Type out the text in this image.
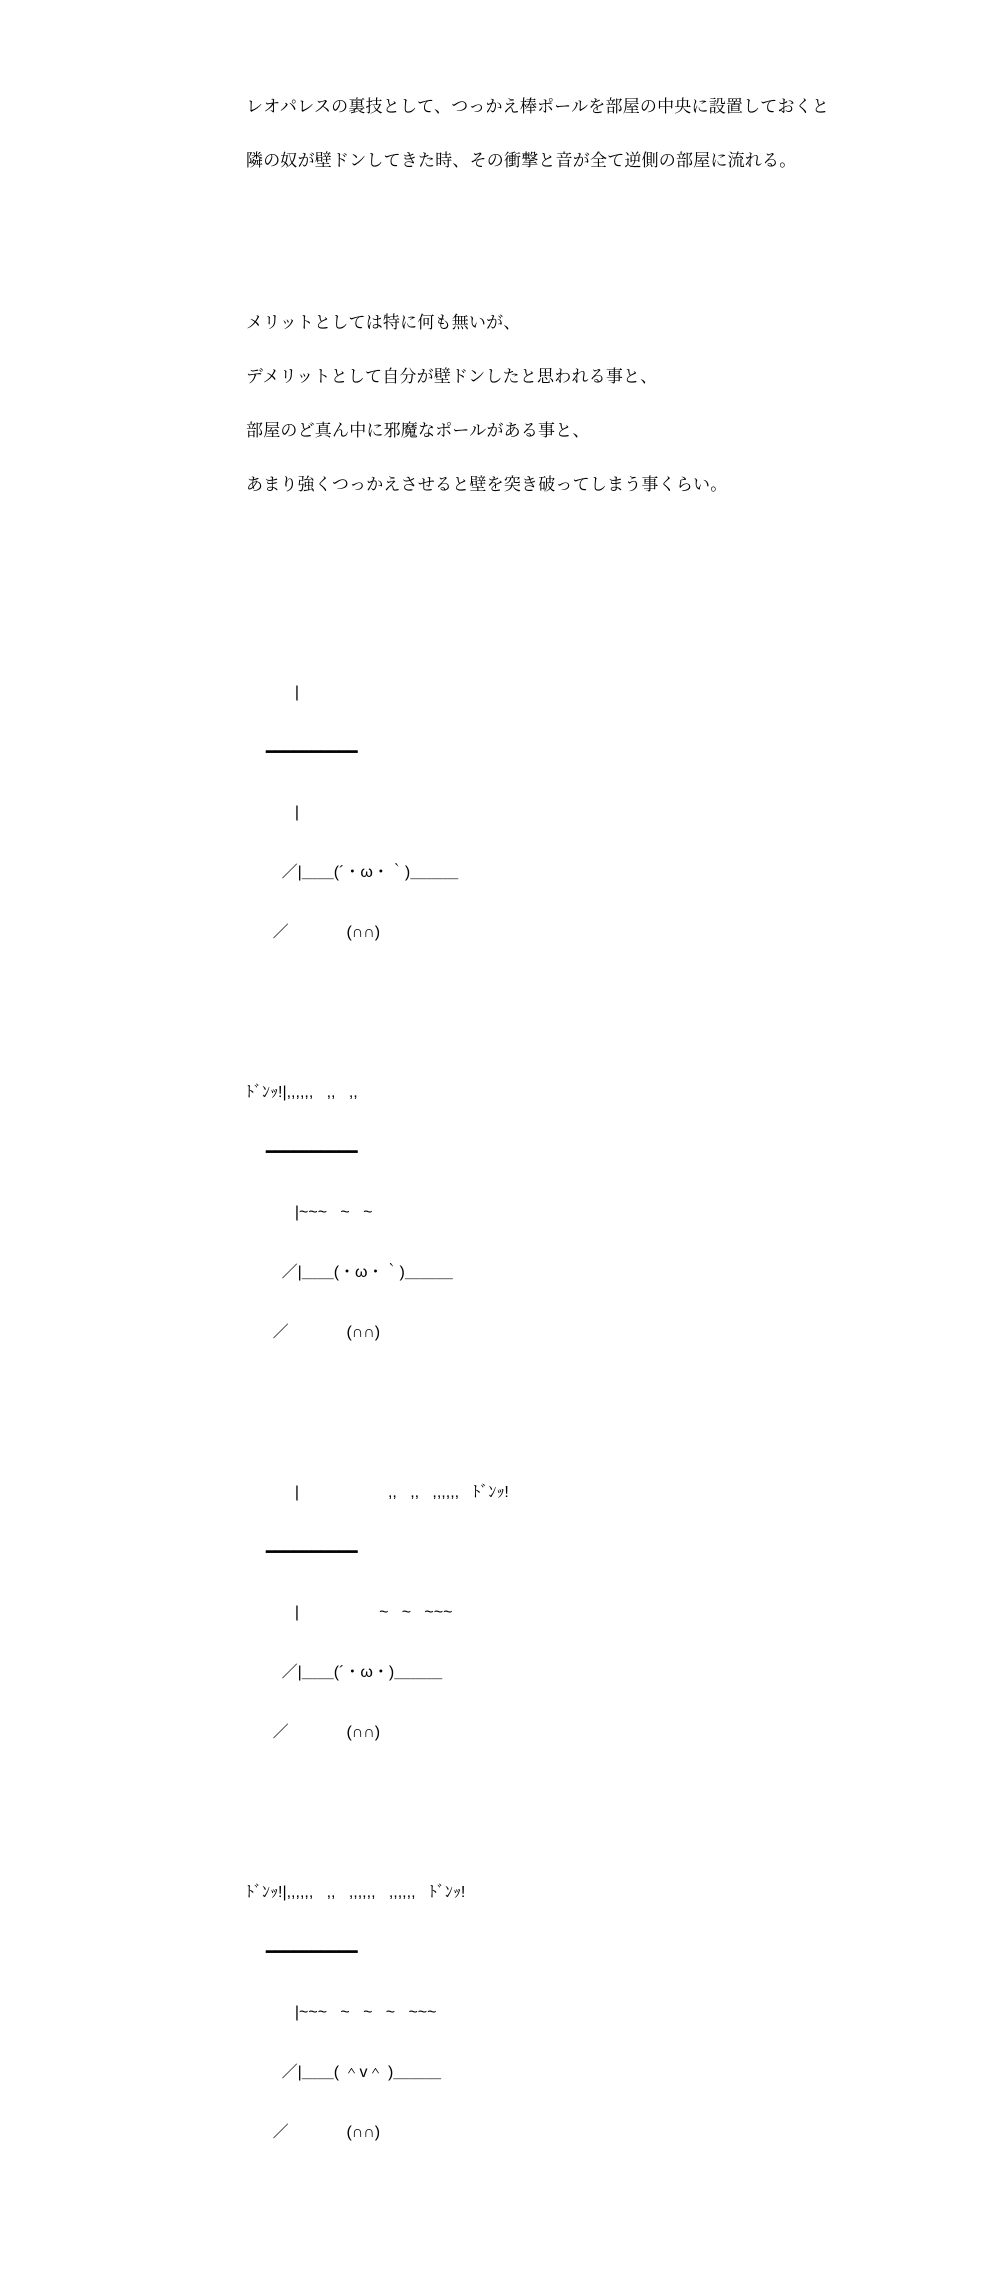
レオパレスの裏技として、つっかえ棒ポールを部屋の中央に設置しておくと

隣の奴が壁ドンしてきた時、その衝撃と音が全て逆側の部屋に流れる。

メリットとしては特に何も無いが、

デメリットとして自分が壁ドンしたと思われる事と、

部屋のど真ん中に邪魔なポールがある事と、

あまり強くつっかえさせると壁を突き破ってしまう事くらい。

|

━━━━━━━━━━

|

／|＿＿(´・ω・｀)＿＿＿

／             (∩∩)

ﾄﾞﾝｯ!|,,,,,,   ,,   ,,

━━━━━━━━━━

|~~~   ~   ~

／|＿＿(・ω・｀)＿＿＿

／             (∩∩)

|                    ,,   ,,   ,,,,,,   ﾄﾞﾝｯ!

━━━━━━━━━━

|                  ~   ~   ~~~

／|＿＿(´・ω・)＿＿＿

／             (∩∩)

ﾄﾞﾝｯ!|,,,,,,   ,,   ,,,,,,   ,,,,,,   ﾄﾞﾝｯ!

━━━━━━━━━━

|~~~   ~   ~   ~   ~~~

／|＿＿( ＾v＾ )＿＿＿

／             (∩∩)
